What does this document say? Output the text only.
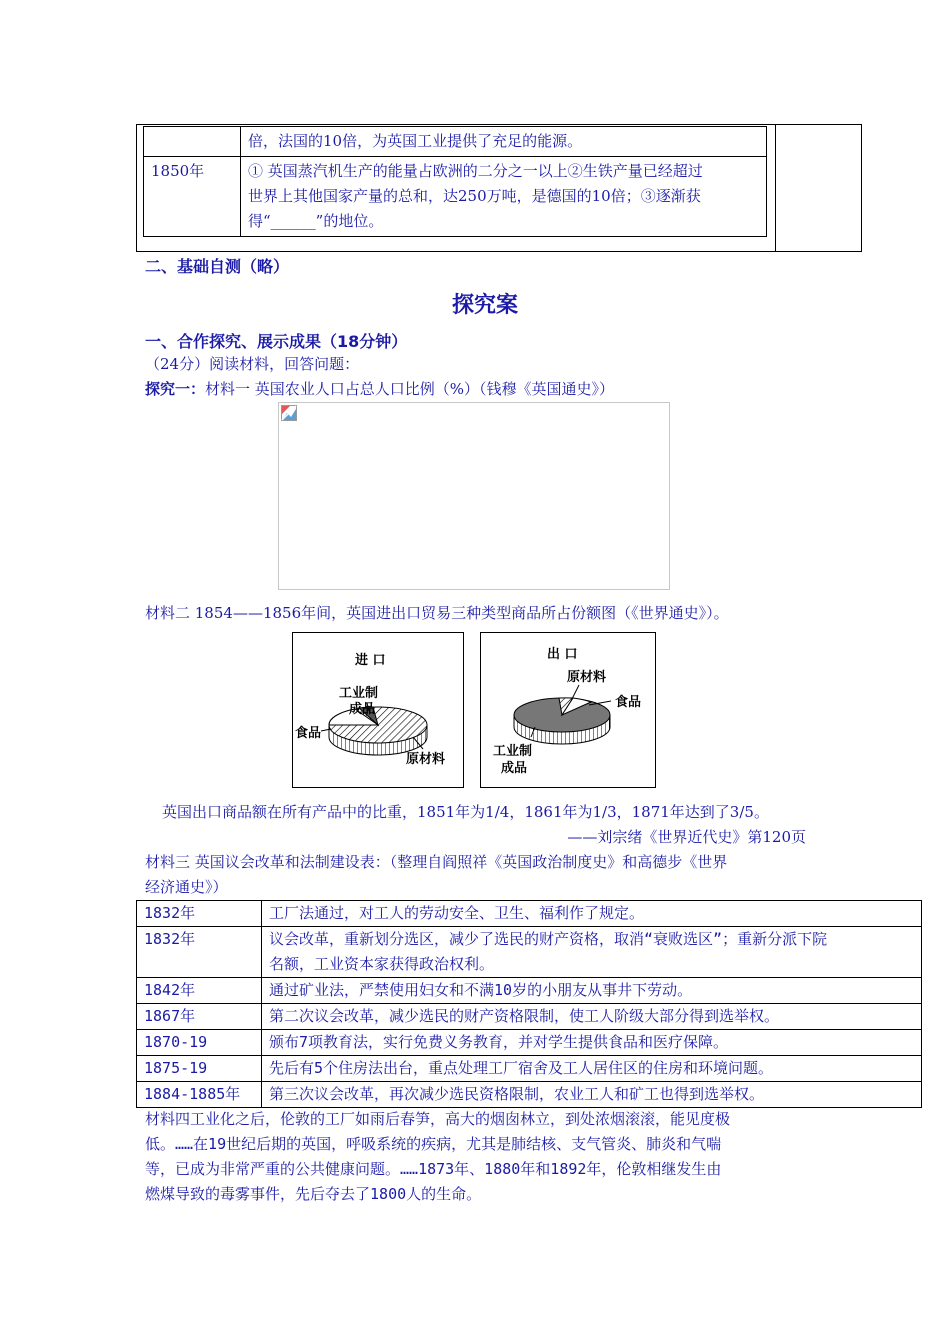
	倍，法国的10倍，为英国工业提供了充足的能源。
1850年	① 英国蒸汽机生产的能量占欧洲的二分之一以上②生铁产量已经超过
世界上其他国家产量的总和，达250万吨，是德国的10倍；③逐渐获
得“______”的地位。
二、基础自测（略）
探究案
一、合作探究、展示成果（18分钟）
（24分）阅读材料，回答问题：
探究一：材料一 英国农业人口占总人口比例（%）（钱穆《英国通史》）
材料二 1854——1856年间，英国进出口贸易三种类型商品所占份额图（《世界通史》）。
进 口
工业制
成品
食品
原材料
出 口
原材料
食品
工业制
成品
英国出口商品额在所有产品中的比重，1851年为1/4，1861年为1/3，1871年达到了3/5。
——刘宗绪《世界近代史》第120页
材料三 英国议会改革和法制建设表：（整理自阎照祥《英国政治制度史》和高德步《世界
经济通史》）
1832年	工厂法通过，对工人的劳动安全、卫生、福利作了规定。

1832年	议会改革，重新划分选区，减少了选民的财产资格，取消“衰败选区”；重新分派下院
名额，工业资本家获得政治权利。

1842年	通过矿业法，严禁使用妇女和不满10岁的小朋友从事井下劳动。

1867年	第二次议会改革，减少选民的财产资格限制，使工人阶级大部分得到选举权。

1870-19	颁布7项教育法，实行免费义务教育，并对学生提供食品和医疗保障。

1875-19	先后有5个住房法出台，重点处理工厂宿舍及工人居住区的住房和环境问题。

1884-1885年	第三次议会改革，再次减少选民资格限制，农业工人和矿工也得到选举权。
材料四工业化之后，伦敦的工厂如雨后春笋，高大的烟囱林立，到处浓烟滚滚，能见度极
低。……在19世纪后期的英国，呼吸系统的疾病，尤其是肺结核、支气管炎、肺炎和气喘
等，已成为非常严重的公共健康问题。……1873年、1880年和1892年，伦敦相继发生由
燃煤导致的毒雾事件，先后夺去了1800人的生命。
